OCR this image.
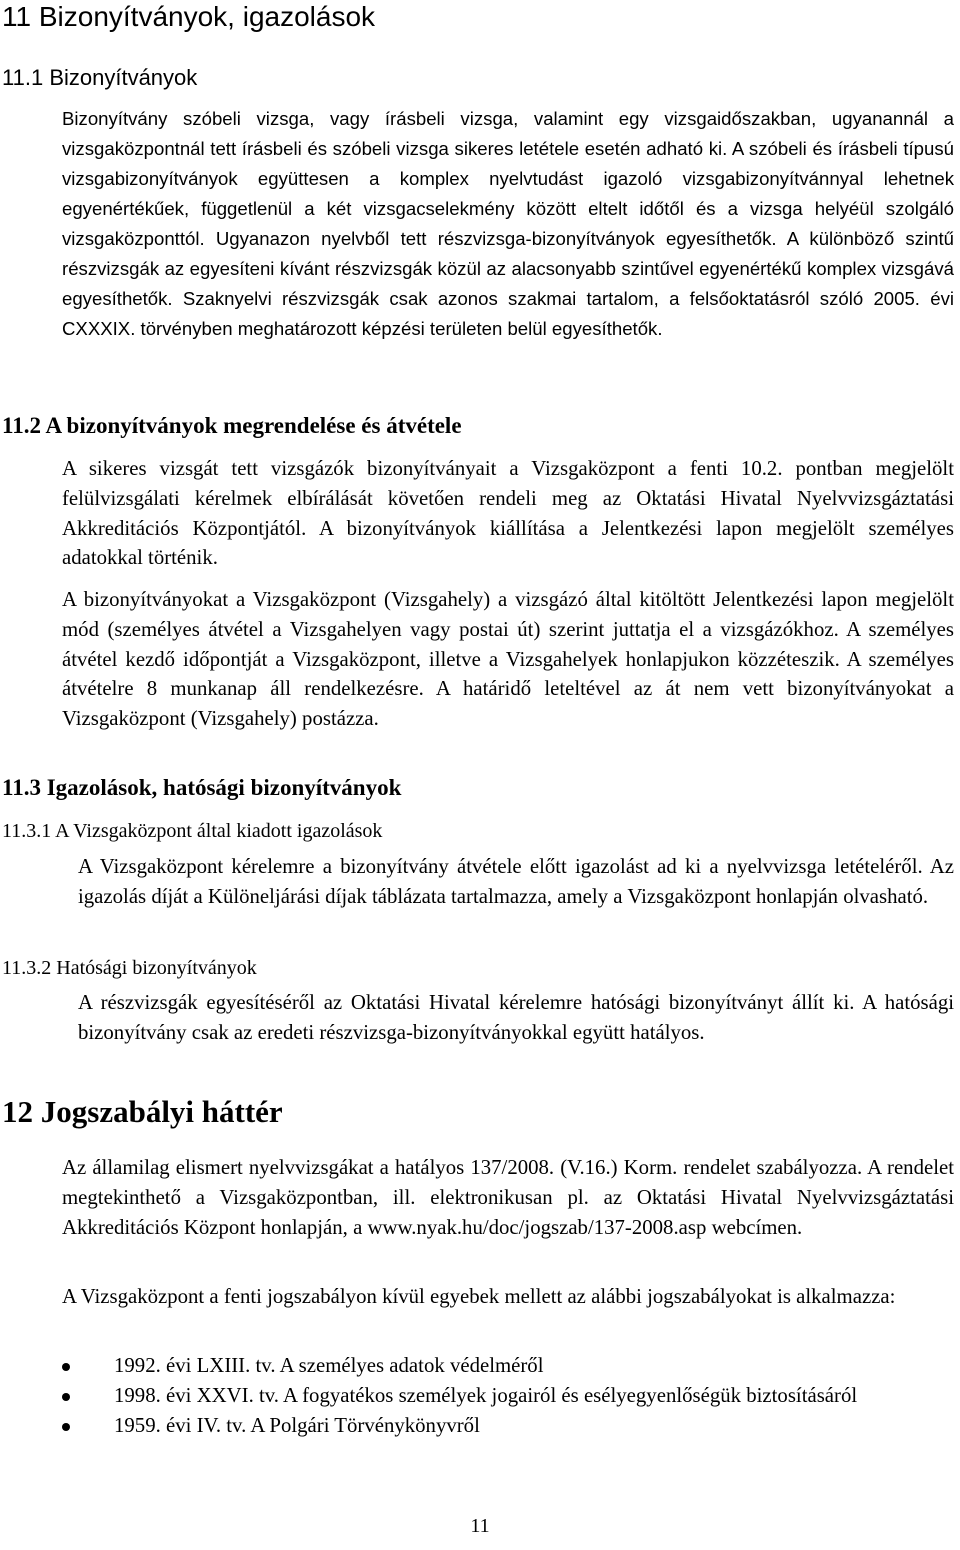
11 Bizonyítványok, igazolások
11.1 Bizonyítványok

Bizonyítvány szóbeli vizsga, vagy írásbeli vizsga, valamint egy vizsgaidőszakban, ugyanannál a vizsgaközpontnál tett írásbeli és szóbeli vizsga sikeres letétele esetén adható ki. A szóbeli és írásbeli típusú vizsgabizonyítványok együttesen a komplex nyelvtudást igazoló vizsgabizonyítvánnyal lehetnek egyenértékűek, függetlenül a két vizsgacselekmény között eltelt időtől és a vizsga helyéül szolgáló vizsgaközponttól. Ugyanazon nyelvből tett részvizsga-bizonyítványok egyesíthetők. A különböző szintű részvizsgák az egyesíteni kívánt részvizsgák közül az alacsonyabb szintűvel egyenértékű komplex vizsgává egyesíthetők. Szaknyelvi részvizsgák csak azonos szakmai tartalom, a felsőoktatásról szóló 2005. évi CXXXIX. törvényben meghatározott képzési területen belül egyesíthetők.

11.2 A bizonyítványok megrendelése és átvétele

A sikeres vizsgát tett vizsgázók bizonyítványait a Vizsgaközpont a fenti 10.2. pontban megjelölt felülvizsgálati kérelmek elbírálását követően rendeli meg az Oktatási Hivatal Nyelvvizsgáztatási Akkreditációs Központjától. A bizonyítványok kiállítása a Jelentkezési lapon megjelölt személyes adatokkal történik.

A bizonyítványokat a Vizsgaközpont (Vizsgahely) a vizsgázó által kitöltött Jelentkezési lapon megjelölt mód (személyes átvétel a Vizsgahelyen vagy postai út) szerint juttatja el a vizsgázókhoz. A személyes átvétel kezdő időpontját a Vizsgaközpont, illetve a Vizsgahelyek honlapjukon közzéteszik. A személyes átvételre 8 munkanap áll rendelkezésre. A határidő leteltével az át nem vett bizonyítványokat a Vizsgaközpont (Vizsgahely) postázza.

11.3 Igazolások, hatósági bizonyítványok
11.3.1 A Vizsgaközpont által kiadott igazolások

A Vizsgaközpont kérelemre a bizonyítvány átvétele előtt igazolást ad ki a nyelvvizsga letételéről. Az igazolás díját a Különeljárási díjak táblázata tartalmazza, amely a Vizsgaközpont honlapján olvasható.

11.3.2 Hatósági bizonyítványok

A részvizsgák egyesítéséről az Oktatási Hivatal kérelemre hatósági bizonyítványt állít ki. A hatósági bizonyítvány csak az eredeti részvizsga-bizonyítványokkal együtt hatályos.

12 Jogszabályi háttér

Az államilag elismert nyelvvizsgákat a hatályos 137/2008. (V.16.) Korm. rendelet szabályozza. A rendelet megtekinthető a Vizsgaközpontban, ill. elektronikusan pl. az Oktatási Hivatal Nyelvvizsgáztatási Akkreditációs Központ honlapján, a www.nyak.hu/doc/jogszab/137-2008.asp webcímen.

A Vizsgaközpont a fenti jogszabályon kívül egyebek mellett az alábbi jogszabályokat is alkalmazza:

1992. évi LXIII. tv. A személyes adatok védelméről
1998. évi XXVI. tv. A fogyatékos személyek jogairól és esélyegyenlőségük biztosításáról
1959. évi IV. tv. A Polgári Törvénykönyvről
11
